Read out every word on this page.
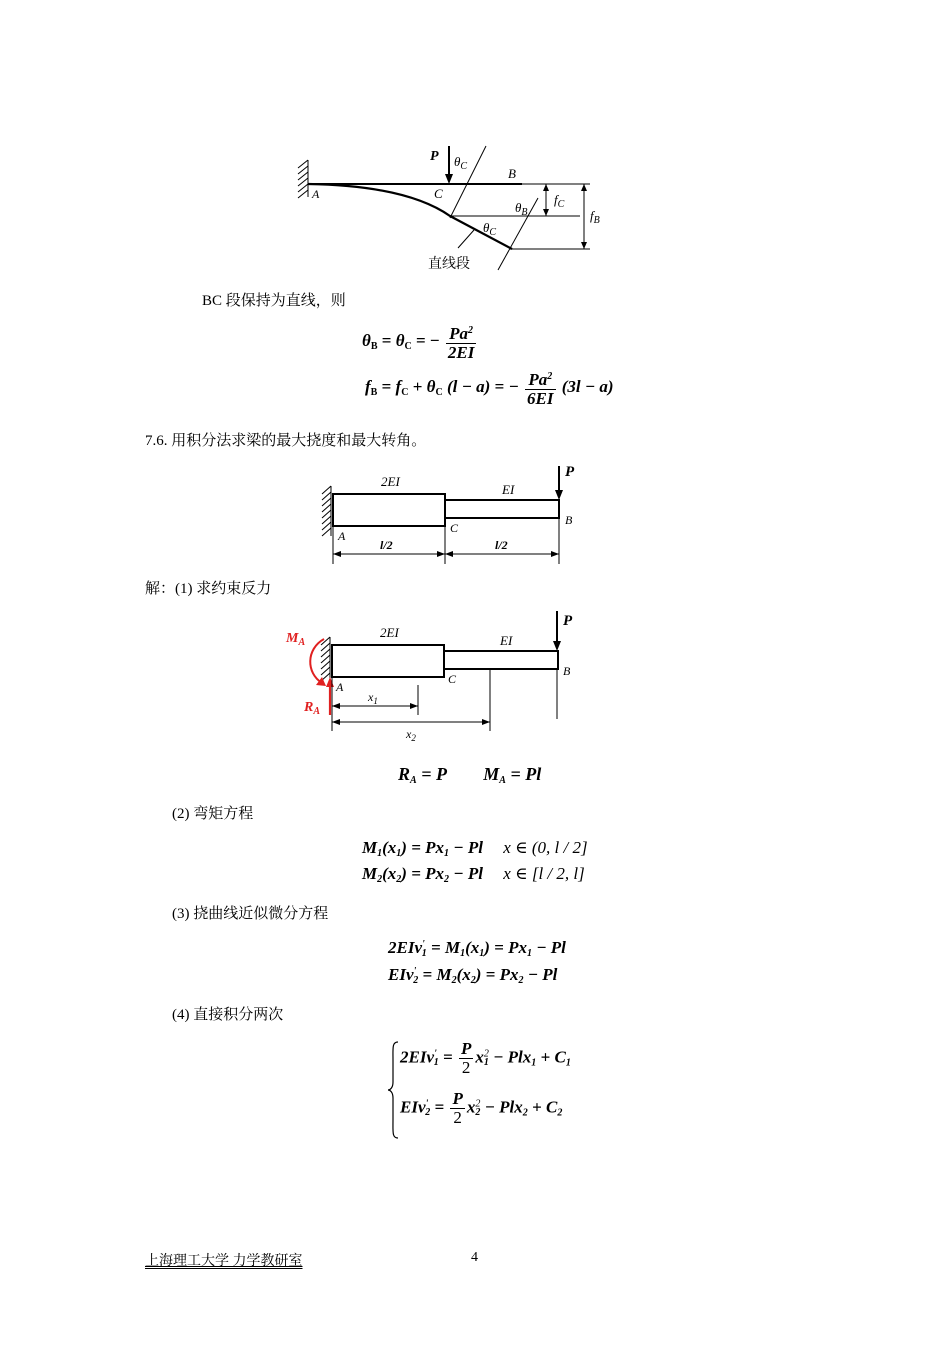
P $\theta_C$
C
B
A
$\theta_B$
$\theta_C$
$f_C$
$f_B$
直线段
BC 段保持为直线，则
$\theta_B = \theta_C$ = − $\frac{Pa^2}{2EI}$
$f_B = f_C + \theta_C$ (l − a) = − $\frac{Pa^2}{6EI} (3l - a)$
7.6. 用积分法求梁的最大挠度和最大转角。
2EI
EI
P
A
C
B
l/2	l/2
解：(1) 求约束反力
$M_A$
$R_A$
2EI
EI
P
A
C
B
$x_1$
$x_2$
$R_A = P$ $M_A = Pl$
(2) 弯矩方程
$M_1(x_1) = Px_1 - Pl$ x ∈ (0, l / 2]
$M_2(x_2) = Px_2 - Pl$ x ∈ [l / 2, l]
(3) 挠曲线近似微分方程
$2EIv'_1 = M_1(x_1) = Px_1 - Pl$
$EIv'_2 = M_2(x_2) = Px_2 - Pl$
(4) 直接积分两次
$2EIv'_1 = \frac{P}{2} x^2_1 - Plx_1 + C_1$
$EIv'_2 = \frac{P}{2} x^2_2 - Plx_2 + C_2$
上海理工大学 力学教研室	4
